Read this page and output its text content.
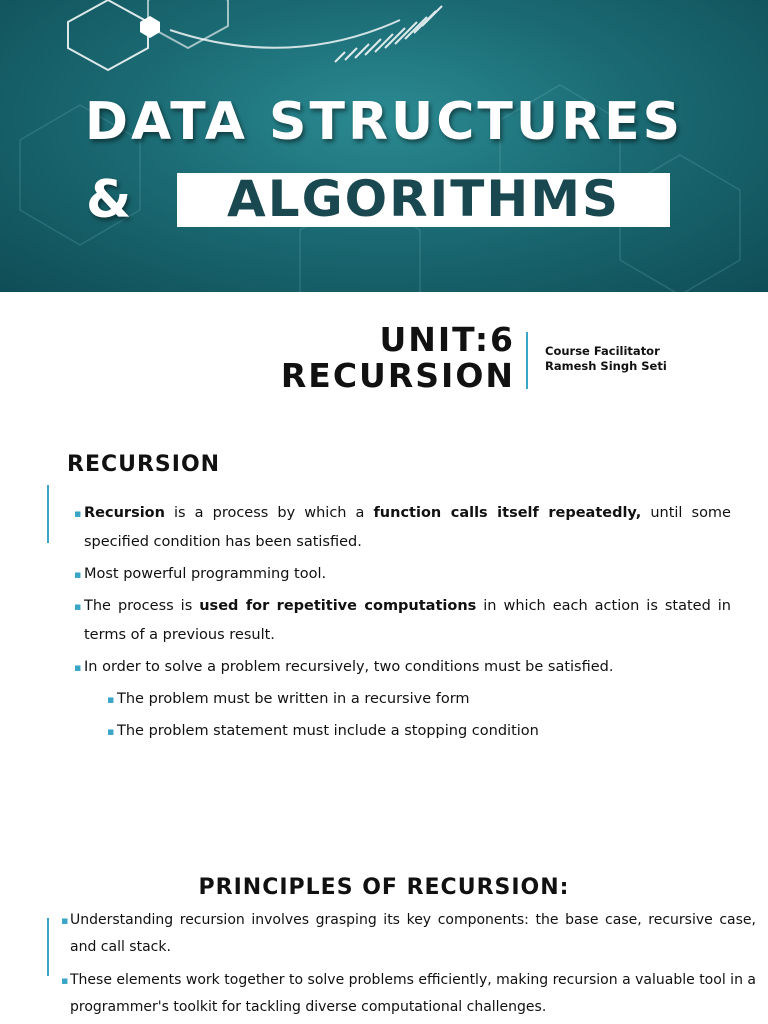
DATA STRUCTURES
&	ALGORITHMS
UNIT:6
RECURSION
Course Facilitator
Ramesh Singh Seti
RECURSION
▪ Recursion is a process by which a function calls itself repeatedly, until some specified condition has been satisfied.
▪ Most powerful programming tool.
▪ The process is used for repetitive computations in which each action is stated in terms of a previous result.
▪ In order to solve a problem recursively, two conditions must be satisfied.
▪ The problem must be written in a recursive form
▪ The problem statement must include a stopping condition
PRINCIPLES OF RECURSION:
▪ Understanding recursion involves grasping its key components: the base case, recursive case, and call stack.
▪ These elements work together to solve problems efficiently, making recursion a valuable tool in a programmer's toolkit for tackling diverse computational challenges.
